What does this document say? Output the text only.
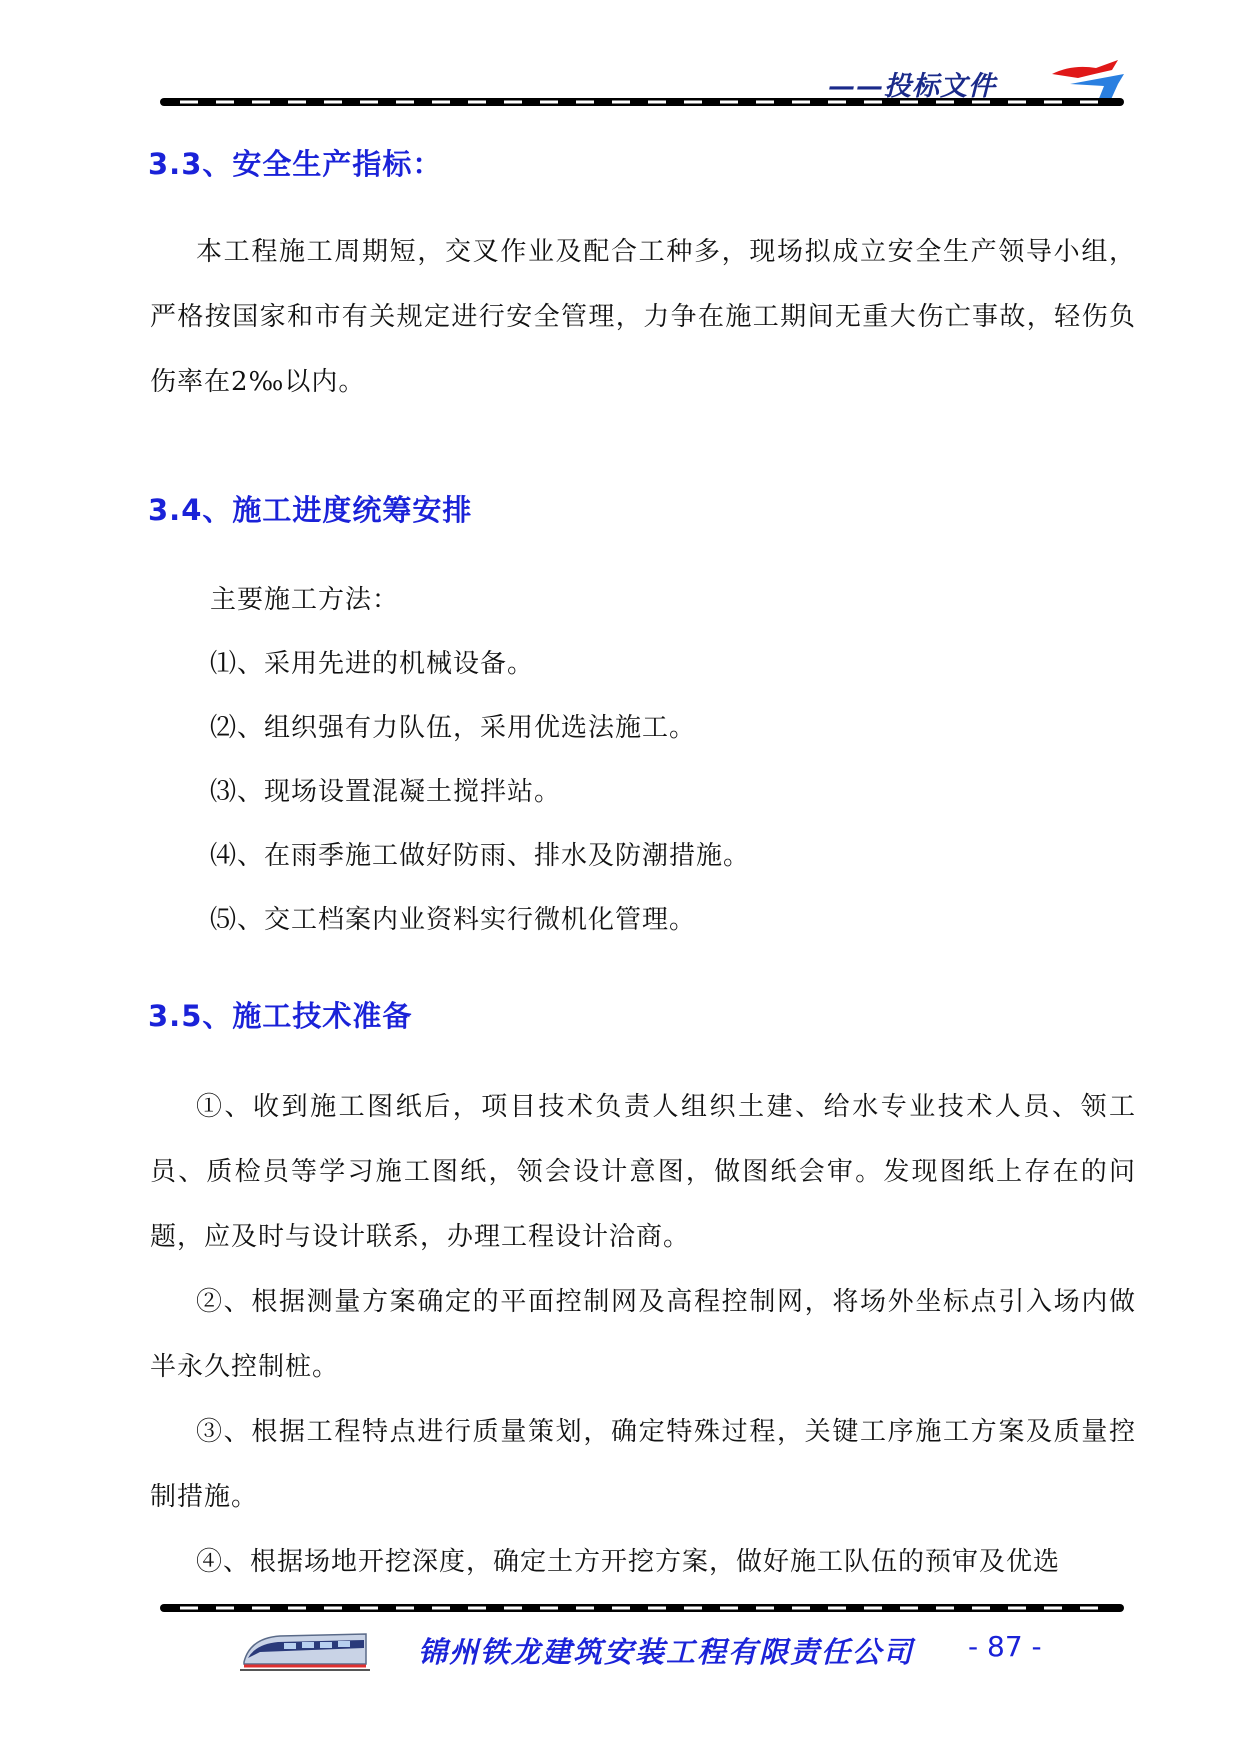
——投标文件
3.3、安全生产指标：

本工程施工周期短，交叉作业及配合工种多，现场拟成立安全生产领导小组，严格按国家和市有关规定进行安全管理，力争在施工期间无重大伤亡事故，轻伤负伤率在2‰以内。

3.4、施工进度统筹安排

主要施工方法：

⑴、采用先进的机械设备。

⑵、组织强有力队伍，采用优选法施工。

⑶、现场设置混凝土搅拌站。

⑷、在雨季施工做好防雨、排水及防潮措施。

⑸、交工档案内业资料实行微机化管理。

3.5、施工技术准备

①、收到施工图纸后，项目技术负责人组织土建、给水专业技术人员、领工员、质检员等学习施工图纸，领会设计意图，做图纸会审。发现图纸上存在的问题，应及时与设计联系，办理工程设计洽商。

②、根据测量方案确定的平面控制网及高程控制网，将场外坐标点引入场内做半永久控制桩。

③、根据工程特点进行质量策划，确定特殊过程，关键工序施工方案及质量控制措施。

④、根据场地开挖深度，确定土方开挖方案，做好施工队伍的预审及优选

锦州铁龙建筑安装工程有限责任公司 - 87 -
